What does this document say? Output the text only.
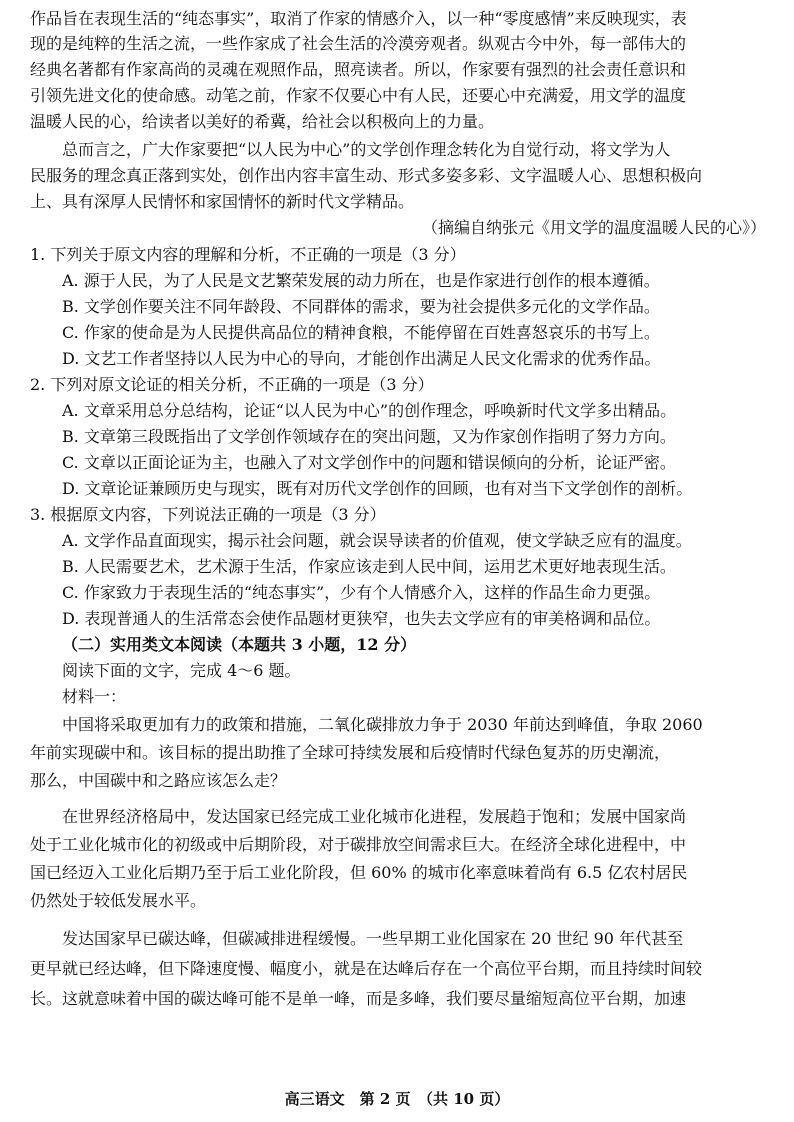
作品旨在表现生活的“纯态事实”，取消了作家的情感介入，以一种“零度感情”来反映现实，表
现的是纯粹的生活之流，一些作家成了社会生活的冷漠旁观者。纵观古今中外，每一部伟大的
经典名著都有作家高尚的灵魂在观照作品，照亮读者。所以，作家要有强烈的社会责任意识和
引领先进文化的使命感。动笔之前，作家不仅要心中有人民，还要心中充满爱，用文学的温度
温暖人民的心，给读者以美好的希冀，给社会以积极向上的力量。
总而言之，广大作家要把“以人民为中心”的文学创作理念转化为自觉行动，将文学为人
民服务的理念真正落到实处，创作出内容丰富生动、形式多姿多彩、文字温暖人心、思想积极向
上、具有深厚人民情怀和家国情怀的新时代文学精品。
（摘编自纳张元《用文学的温度温暖人民的心》）
1. 下列关于原文内容的理解和分析，不正确的一项是（3 分）
A. 源于人民，为了人民是文艺繁荣发展的动力所在，也是作家进行创作的根本遵循。
B. 文学创作要关注不同年龄段、不同群体的需求，要为社会提供多元化的文学作品。
C. 作家的使命是为人民提供高品位的精神食粮，不能停留在百姓喜怒哀乐的书写上。
D. 文艺工作者坚持以人民为中心的导向，才能创作出满足人民文化需求的优秀作品。
2. 下列对原文论证的相关分析，不正确的一项是（3 分）
A. 文章采用总分总结构，论证“以人民为中心”的创作理念，呼唤新时代文学多出精品。
B. 文章第三段既指出了文学创作领域存在的突出问题，又为作家创作指明了努力方向。
C. 文章以正面论证为主，也融入了对文学创作中的问题和错误倾向的分析，论证严密。
D. 文章论证兼顾历史与现实，既有对历代文学创作的回顾，也有对当下文学创作的剖析。
3. 根据原文内容，下列说法正确的一项是（3 分）
A. 文学作品直面现实，揭示社会问题，就会误导读者的价值观，使文学缺乏应有的温度。
B. 人民需要艺术，艺术源于生活，作家应该走到人民中间，运用艺术更好地表现生活。
C. 作家致力于表现生活的“纯态事实”，少有个人情感介入，这样的作品生命力更强。
D. 表现普通人的生活常态会使作品题材更狭窄，也失去文学应有的审美格调和品位。
（二）实用类文本阅读（本题共 3 小题，12 分）
阅读下面的文字，完成 4～6 题。
材料一：
中国将采取更加有力的政策和措施，二氧化碳排放力争于 2030 年前达到峰值，争取 2060
年前实现碳中和。该目标的提出助推了全球可持续发展和后疫情时代绿色复苏的历史潮流，
那么，中国碳中和之路应该怎么走？
在世界经济格局中，发达国家已经完成工业化城市化进程，发展趋于饱和；发展中国家尚
处于工业化城市化的初级或中后期阶段，对于碳排放空间需求巨大。在经济全球化进程中，中
国已经迈入工业化后期乃至于后工业化阶段，但 60% 的城市化率意味着尚有 6.5 亿农村居民
仍然处于较低发展水平。
发达国家早已碳达峰，但碳减排进程缓慢。一些早期工业化国家在 20 世纪 90 年代甚至
更早就已经达峰，但下降速度慢、幅度小，就是在达峰后存在一个高位平台期，而且持续时间较
长。这就意味着中国的碳达峰可能不是单一峰，而是多峰，我们要尽量缩短高位平台期，加速
高三语文　第 2 页　（共 10 页）
